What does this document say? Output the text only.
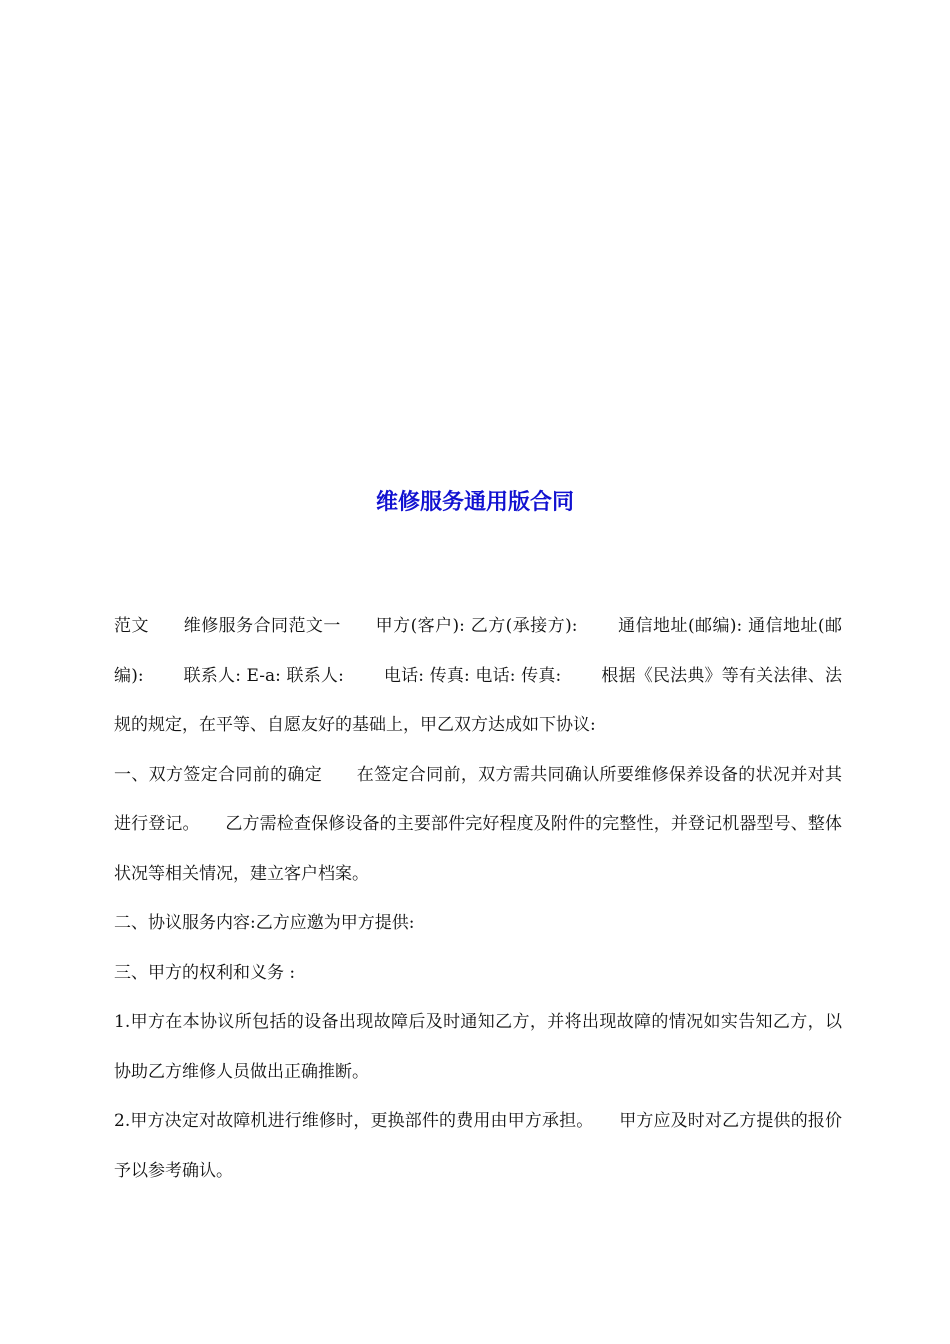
维修服务通用版合同

范文　　维修服务合同范文一　　甲方(客户): 乙方(承接方): 　　通信地址(邮编): 通信地址(邮编): 　　联系人: E-a: 联系人: 　　电话: 传真: 电话: 传真: 　　根据《民法典》等有关法律、法规的规定，在平等、自愿友好的基础上，甲乙双方达成如下协议:

一、双方签定合同前的确定　　在签定合同前，双方需共同确认所要维修保养设备的状况并对其进行登记。　　乙方需检查保修设备的主要部件完好程度及附件的完整性，并登记机器型号、整体状况等相关情况，建立客户档案。

二、协议服务内容:乙方应邀为甲方提供:

三、甲方的权利和义务 :

1.甲方在本协议所包括的设备出现故障后及时通知乙方，并将出现故障的情况如实告知乙方，以协助乙方维修人员做出正确推断。

2.甲方决定对故障机进行维修时，更换部件的费用由甲方承担。　　甲方应及时对乙方提供的报价予以参考确认。
